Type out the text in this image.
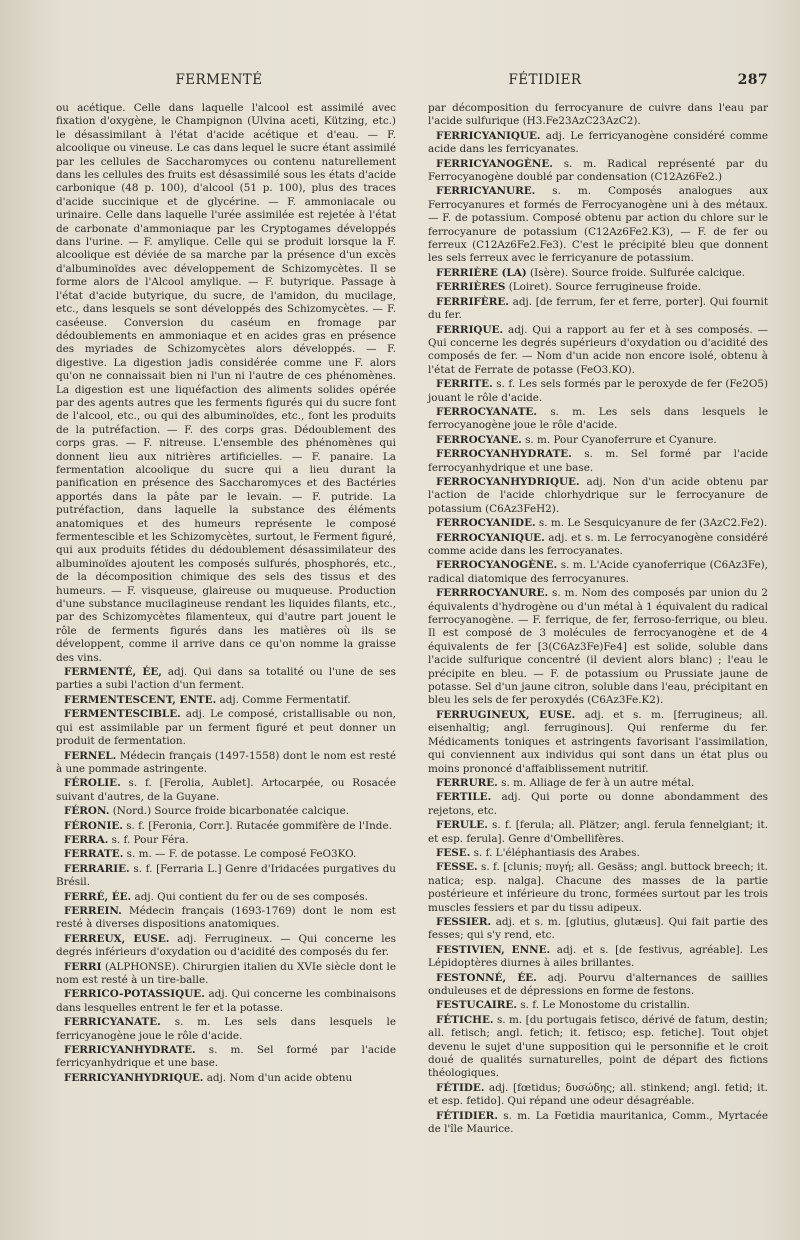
FERMENTÉ	FÉTIDIER	287

ou acétique. Celle dans laquelle l'alcool est assimilé avec fixation d'oxygène, le Champignon (Ulvina aceti, Kützing, etc.) le désassimilant à l'état d'acide acétique et d'eau. — F. alcoolique ou vineuse. Le cas dans lequel le sucre étant assimilé par les cellules de Saccharomyces ou contenu naturellement dans les cellules des fruits est désassimilé sous les états d'acide carbonique (48 p. 100), d'alcool (51 p. 100), plus des traces d'acide succinique et de glycérine. — F. ammoniacale ou urinaire. Celle dans laquelle l'urée assimilée est rejetée à l'état de carbonate d'ammoniaque par les Cryptogames développés dans l'urine. — F. amylique. Celle qui se produit lorsque la F. alcoolique est déviée de sa marche par la présence d'un excès d'albuminoïdes avec développement de Schizomycètes. Il se forme alors de l'Alcool amylique. — F. butyrique. Passage à l'état d'acide butyrique, du sucre, de l'amidon, du mucilage, etc., dans lesquels se sont développés des Schizomycètes. — F. caséeuse. Conversion du caséum en fromage par dédoublements en ammoniaque et en acides gras en présence des myriades de Schizomycètes alors développés. — F. digestive. La digestion jadis considérée comme une F. alors qu'on ne connaissait bien ni l'un ni l'autre de ces phénomènes. La digestion est une liquéfaction des aliments solides opérée par des agents autres que les ferments figurés qui du sucre font de l'alcool, etc., ou qui des albuminoïdes, etc., font les produits de la putréfaction. — F. des corps gras. Dédoublement des corps gras. — F. nitreuse. L'ensemble des phénomènes qui donnent lieu aux nitrières artificielles. — F. panaire. La fermentation alcoolique du sucre qui a lieu durant la panification en présence des Saccharomyces et des Bactéries apportés dans la pâte par le levain. — F. putride. La putréfaction, dans laquelle la substance des éléments anatomiques et des humeurs représente le composé fermentescible et les Schizomycètes, surtout, le Ferment figuré, qui aux produits fétides du dédoublement désassimilateur des albuminoïdes ajoutent les composés sulfurés, phosphorés, etc., de la décomposition chimique des sels des tissus et des humeurs. — F. visqueuse, glaireuse ou muqueuse. Production d'une substance mucilagineuse rendant les liquides filants, etc., par des Schizomycètes filamenteux, qui d'autre part jouent le rôle de ferments figurés dans les matières où ils se développent, comme il arrive dans ce qu'on nomme la graisse des vins.

FERMENTÉ, ÉE, adj. Qui dans sa totalité ou l'une de ses parties a subi l'action d'un ferment.

FERMENTESCENT, ENTE. adj. Comme Fermentatif.

FERMENTESCIBLE. adj. Le composé, cristallisable ou non, qui est assimilable par un ferment figuré et peut donner un produit de fermentation.

FERNEL. Médecin français (1497-1558) dont le nom est resté à une pommade astringente.

FÉROLIE. s. f. [Ferolia, Aublet]. Artocarpée, ou Rosacée suivant d'autres, de la Guyane.

FÉRON. (Nord.) Source froide bicarbonatée calcique.

FÉRONIE. s. f. [Feronia, Corr.]. Rutacée gommifère de l'Inde.

FERRA. s. f. Pour Féra.

FERRATE. s. m. — F. de potasse. Le composé FeO3KO.

FERRARIE. s. f. [Ferraria L.] Genre d'Iridacées purgatives du Brésil.

FERRÉ, ÉE. adj. Qui contient du fer ou de ses composés.

FERREIN. Médecin français (1693-1769) dont le nom est resté à diverses dispositions anatomiques.

FERREUX, EUSE. adj. Ferrugineux. — Qui concerne les degrés inférieurs d'oxydation ou d'acidité des composés du fer.

FERRI (ALPHONSE). Chirurgien italien du XVIe siècle dont le nom est resté à un tire-balle.

FERRICO-POTASSIQUE. adj. Qui concerne les combinaisons dans lesquelles entrent le fer et la potasse.

FERRICYANATE. s. m. Les sels dans lesquels le ferricyanogène joue le rôle d'acide.

FERRICYANHYDRATE. s. m. Sel formé par l'acide ferricyanhydrique et une base.

FERRICYANHYDRIQUE. adj. Nom d'un acide obtenu

par décomposition du ferrocyanure de cuivre dans l'eau par l'acide sulfurique (H3.Fe23AzC23AzC2).

FERRICYANIQUE. adj. Le ferricyanogène considéré comme acide dans les ferricyanates.

FERRICYANOGÈNE. s. m. Radical représenté par du Ferrocyanogène doublé par condensation (C12Az6Fe2.)

FERRICYANURE. s. m. Composés analogues aux Ferrocyanures et formés de Ferrocyanogène uni à des métaux. — F. de potassium. Composé obtenu par action du chlore sur le ferrocyanure de potassium (C12Az6Fe2.K3), — F. de fer ou ferreux (C12Az6Fe2.Fe3). C'est le précipité bleu que donnent les sels ferreux avec le ferricyanure de potassium.

FERRIÈRE (LA) (Isère). Source froide. Sulfurée calcique.

FERRIÈRES (Loiret). Source ferrugineuse froide.

FERRIFÈRE. adj. [de ferrum, fer et ferre, porter]. Qui fournit du fer.

FERRIQUE. adj. Qui a rapport au fer et à ses composés. — Qui concerne les degrés supérieurs d'oxydation ou d'acidité des composés de fer. — Nom d'un acide non encore isolé, obtenu à l'état de Ferrate de potasse (FeO3.KO).

FERRITE. s. f. Les sels formés par le peroxyde de fer (Fe2O5) jouant le rôle d'acide.

FERROCYANATE. s. m. Les sels dans lesquels le ferrocyanogène joue le rôle d'acide.

FERROCYANE. s. m. Pour Cyanoferrure et Cyanure.

FERROCYANHYDRATE. s. m. Sel formé par l'acide ferrocyanhydrique et une base.

FERROCYANHYDRIQUE. adj. Non d'un acide obtenu par l'action de l'acide chlorhydrique sur le ferrocyanure de potassium (C6Az3FeH2).

FERROCYANIDE. s. m. Le Sesquicyanure de fer (3AzC2.Fe2).

FERROCYANIQUE. adj. et s. m. Le ferrocyanogène considéré comme acide dans les ferrocyanates.

FERROCYANOGÈNE. s. m. L'Acide cyanoferrique (C6Az3Fe), radical diatomique des ferrocyanures.

FERRROCYANURE. s. m. Nom des composés par union du 2 équivalents d'hydrogène ou d'un métal à 1 équivalent du radical ferrocyanogène. — F. ferrique, de fer, ferroso-ferrique, ou bleu. Il est composé de 3 molécules de ferrocyanogène et de 4 équivalents de fer [3(C6Az3Fe)Fe4] est solide, soluble dans l'acide sulfurique concentré (il devient alors blanc) ; l'eau le précipite en bleu. — F. de potassium ou Prussiate jaune de potasse. Sel d'un jaune citron, soluble dans l'eau, précipitant en bleu les sels de fer peroxydés (C6Az3Fe.K2).

FERRUGINEUX, EUSE. adj. et s. m. [ferrugineus; all. eisenhaltig; angl. ferruginous]. Qui renferme du fer. Médicaments toniques et astringents favorisant l'assimilation, qui conviennent aux individus qui sont dans un état plus ou moins prononcé d'affaiblissement nutritif.

FERRURE. s. m. Alliage de fer à un autre métal.

FERTILE. adj. Qui porte ou donne abondamment des rejetons, etc.

FERULE. s. f. [ferula; all. Plätzer; angl. ferula fennelgiant; it. et esp. ferula]. Genre d'Ombellifères.

FESE. s. f. L'éléphantiasis des Arabes.

FESSE. s. f. [clunis; πυγή; all. Gesäss; angl. buttock breech; it. natica; esp. nalga]. Chacune des masses de la partie postérieure et inférieure du tronc, formées surtout par les trois muscles fessiers et par du tissu adipeux.

FESSIER. adj. et s. m. [glutius, glutæus]. Qui fait partie des fesses; qui s'y rend, etc.

FESTIVIEN, ENNE. adj. et s. [de festivus, agréable]. Les Lépidoptères diurnes à ailes brillantes.

FESTONNÉ, ÉE. adj. Pourvu d'alternances de saillies onduleuses et de dépressions en forme de festons.

FESTUCAIRE. s. f. Le Monostome du cristallin.

FÉTICHE. s. m. [du portugais fetisco, dérivé de fatum, destin; all. fetisch; angl. fetich; it. fetisco; esp. fetiche]. Tout objet devenu le sujet d'une supposition qui le personnifie et le croit doué de qualités surnaturelles, point de départ des fictions théologiques.

FÉTIDE. adj. [fœtidus; δυσώδης; all. stinkend; angl. fetid; it. et esp. fetido]. Qui répand une odeur désagréable.

FÉTIDIER. s. m. La Fœtidia mauritanica, Comm., Myrtacée de l'île Maurice.
